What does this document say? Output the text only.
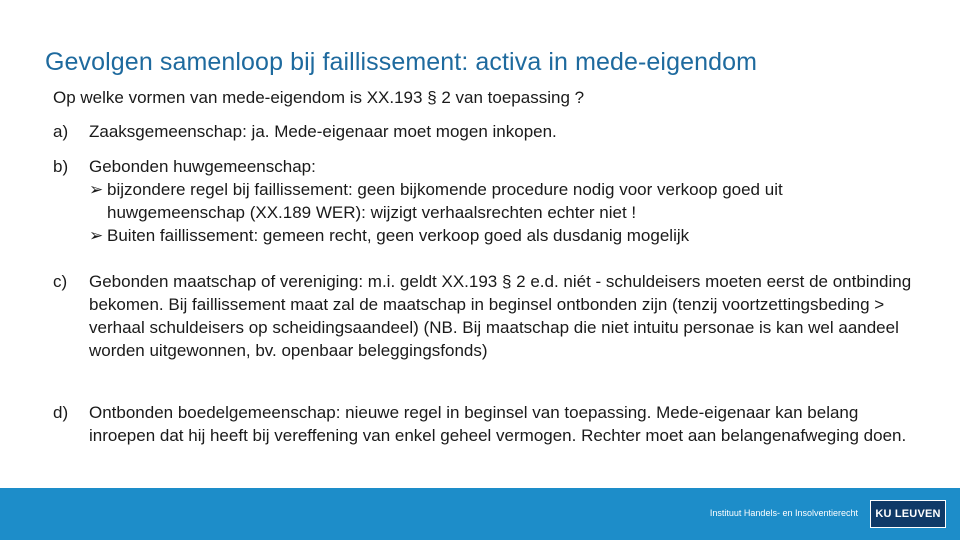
Gevolgen samenloop bij faillissement: activa in mede-eigendom
Op welke vormen van mede-eigendom is XX.193 § 2 van toepassing ?
a) Zaaksgemeenschap: ja. Mede-eigenaar moet mogen inkopen.
b) Gebonden huwgemeenschap:
➢ bijzondere regel bij faillissement: geen bijkomende procedure nodig voor verkoop goed uit huwgemeenschap (XX.189 WER): wijzigt verhaalsrechten echter niet !
➢ Buiten faillissement: gemeen recht, geen verkoop goed als dusdanig mogelijk
c) Gebonden maatschap of vereniging: m.i. geldt XX.193 § 2 e.d. niét - schuldeisers moeten eerst de ontbinding bekomen. Bij faillissement maat zal de maatschap in beginsel ontbonden zijn (tenzij voortzettingsbeding > verhaal schuldeisers op scheidingsaandeel) (NB. Bij maatschap die niet intuitu personae is kan wel aandeel worden uitgewonnen, bv. openbaar beleggingsfonds)
d) Ontbonden boedelgemeenschap: nieuwe regel in beginsel van toepassing. Mede-eigenaar kan belang inroepen dat hij heeft bij vereffening van enkel geheel vermogen. Rechter moet aan belangenafweging doen.
Instituut Handels- en Insolventierecht KU LEUVEN
